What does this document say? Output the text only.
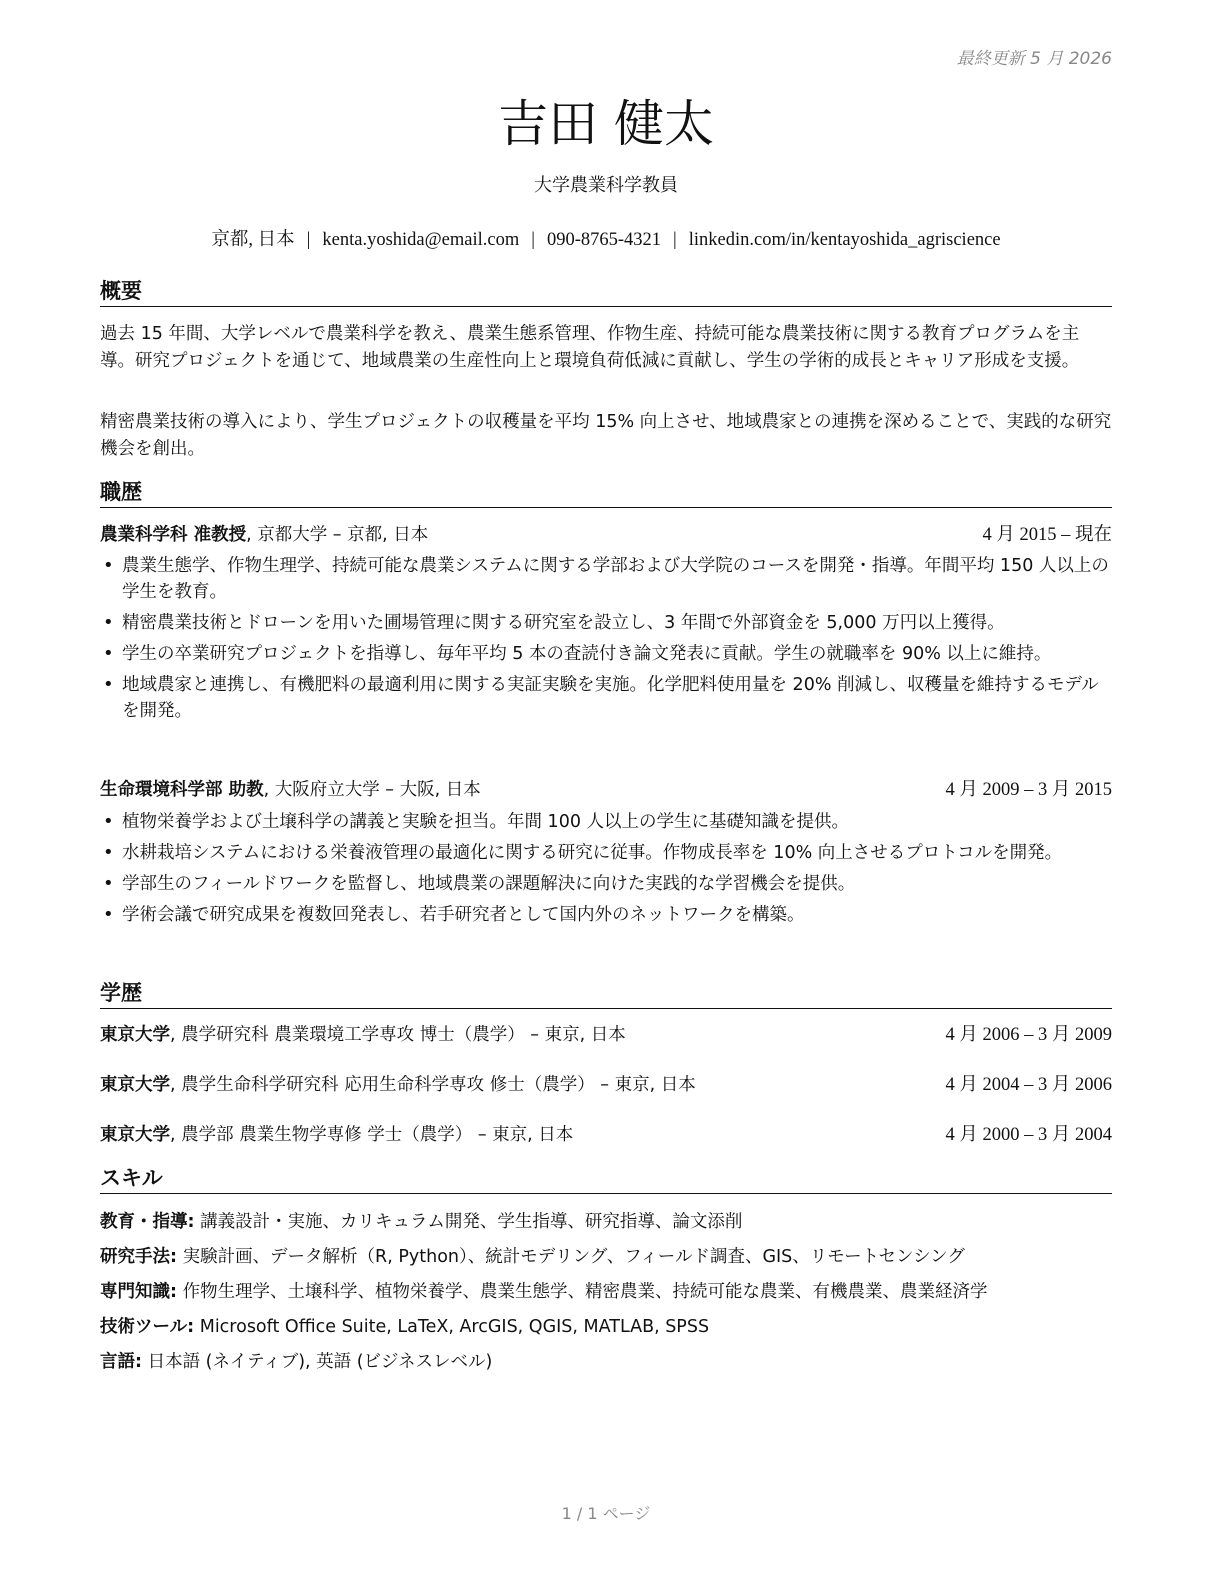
最終更新 5 月 2026
吉田 健太
大学農業科学教員
京都, 日本 | kenta.yoshida@email.com | 090-8765-4321 | linkedin.com/in/kentayoshida_agriscience
概要
過去 15 年間、大学レベルで農業科学を教え、農業生態系管理、作物生産、持続可能な農業技術に関する教育プログラムを主導。研究プロジェクトを通じて、地域農業の生産性向上と環境負荷低減に貢献し、学生の学術的成長とキャリア形成を支援。
精密農業技術の導入により、学生プロジェクトの収穫量を平均 15% 向上させ、地域農家との連携を深めることで、実践的な研究機会を創出。
職歴
農業科学科 准教授, 京都大学 – 京都, 日本	4 月 2015 – 現在
• 農業生態学、作物生理学、持続可能な農業システムに関する学部および大学院のコースを開発・指導。年間平均 150 人以上の学生を教育。
• 精密農業技術とドローンを用いた圃場管理に関する研究室を設立し、3 年間で外部資金を 5,000 万円以上獲得。
• 学生の卒業研究プロジェクトを指導し、毎年平均 5 本の査読付き論文発表に貢献。学生の就職率を 90% 以上に維持。
• 地域農家と連携し、有機肥料の最適利用に関する実証実験を実施。化学肥料使用量を 20% 削減し、収穫量を維持するモデルを開発。
生命環境科学部 助教, 大阪府立大学 – 大阪, 日本	4 月 2009 – 3 月 2015
• 植物栄養学および土壌科学の講義と実験を担当。年間 100 人以上の学生に基礎知識を提供。
• 水耕栽培システムにおける栄養液管理の最適化に関する研究に従事。作物成長率を 10% 向上させるプロトコルを開発。
• 学部生のフィールドワークを監督し、地域農業の課題解決に向けた実践的な学習機会を提供。
• 学術会議で研究成果を複数回発表し、若手研究者として国内外のネットワークを構築。
学歴
東京大学, 農学研究科 農業環境工学専攻 博士（農学） – 東京, 日本	4 月 2006 – 3 月 2009
東京大学, 農学生命科学研究科 応用生命科学専攻 修士（農学） – 東京, 日本	4 月 2004 – 3 月 2006
東京大学, 農学部 農業生物学専修 学士（農学） – 東京, 日本	4 月 2000 – 3 月 2004
スキル
教育・指導: 講義設計・実施、カリキュラム開発、学生指導、研究指導、論文添削
研究手法: 実験計画、データ解析（R, Python）、統計モデリング、フィールド調査、GIS、リモートセンシング
専門知識: 作物生理学、土壌科学、植物栄養学、農業生態学、精密農業、持続可能な農業、有機農業、農業経済学
技術ツール: Microsoft Office Suite, LaTeX, ArcGIS, QGIS, MATLAB, SPSS
言語: 日本語 (ネイティブ), 英語 (ビジネスレベル)
1 / 1 ページ
